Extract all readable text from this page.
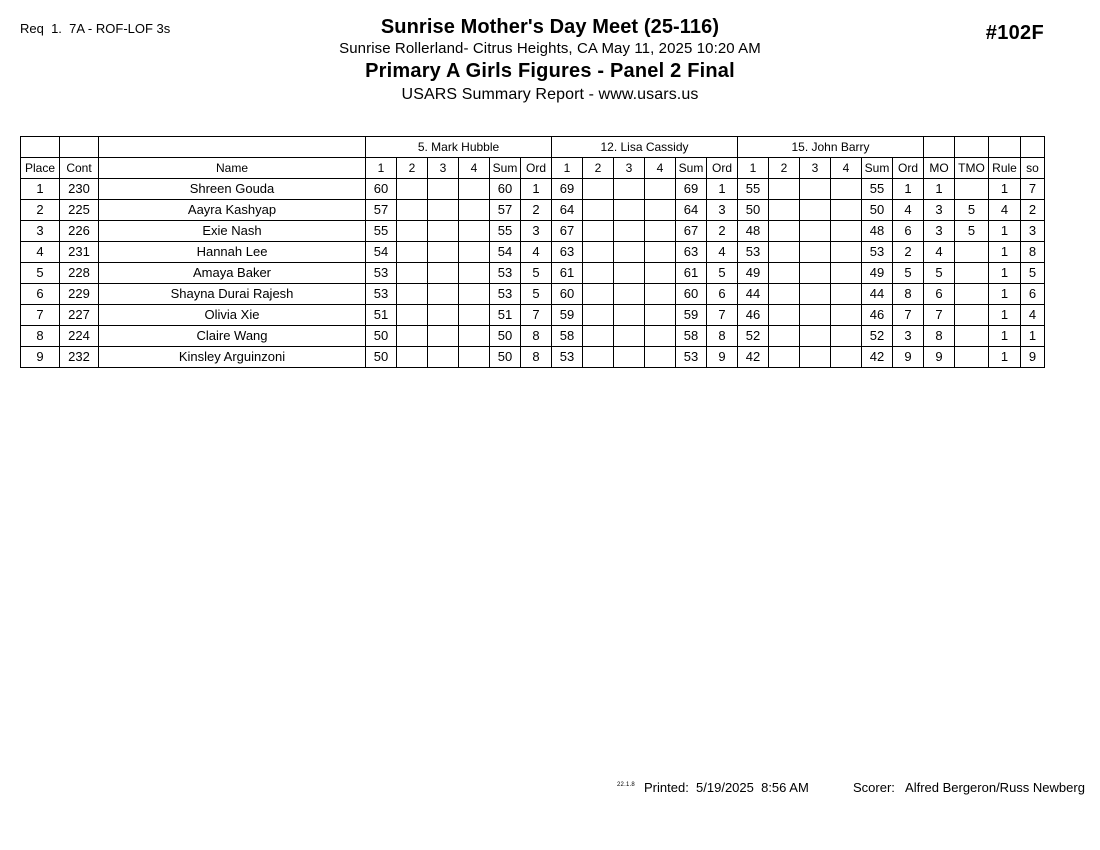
Req  1.  7A - ROF-LOF 3s	#102F
Sunrise Mother's Day Meet (25-116)
Sunrise Rollerland- Citrus Heights, CA May 11, 2025 10:20 AM
Primary A Girls Figures - Panel 2 Final
USARS Summary Report - www.usars.us
			5. Mark Hubble						12. Lisa Cassidy						15. John Barry									
Place	Cont	Name	1	2	3	4	Sum	Ord	1	2	3	4	Sum	Ord	1	2	3	4	Sum	Ord	MO	TMO	Rule	so
1	230	Shreen Gouda	60				60	1	69				69	1	55				55	1	1		1	7
2	225	Aayra Kashyap	57				57	2	64				64	3	50				50	4	3	5	4	2
3	226	Exie Nash	55				55	3	67				67	2	48				48	6	3	5	1	3
4	231	Hannah Lee	54				54	4	63				63	4	53				53	2	4		1	8
5	228	Amaya Baker	53				53	5	61				61	5	49				49	5	5		1	5
6	229	Shayna Durai Rajesh	53				53	5	60				60	6	44				44	8	6		1	6
7	227	Olivia Xie	51				51	7	59				59	7	46				46	7	7		1	4
8	224	Claire Wang	50				50	8	58				58	8	52				52	3	8		1	1
9	232	Kinsley Arguinzoni	50				50	8	53				53	9	42				42	9	9		1	9
22.1.8 Printed:  5/19/2025  8:56 AM	Scorer:   Alfred Bergeron/Russ Newberg
